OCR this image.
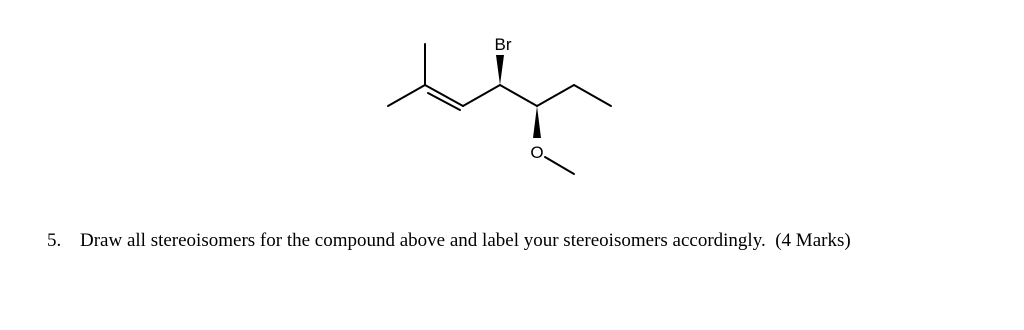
Br
O
5. Draw all stereoisomers for the compound above and label your stereoisomers accordingly. (4 Marks)
